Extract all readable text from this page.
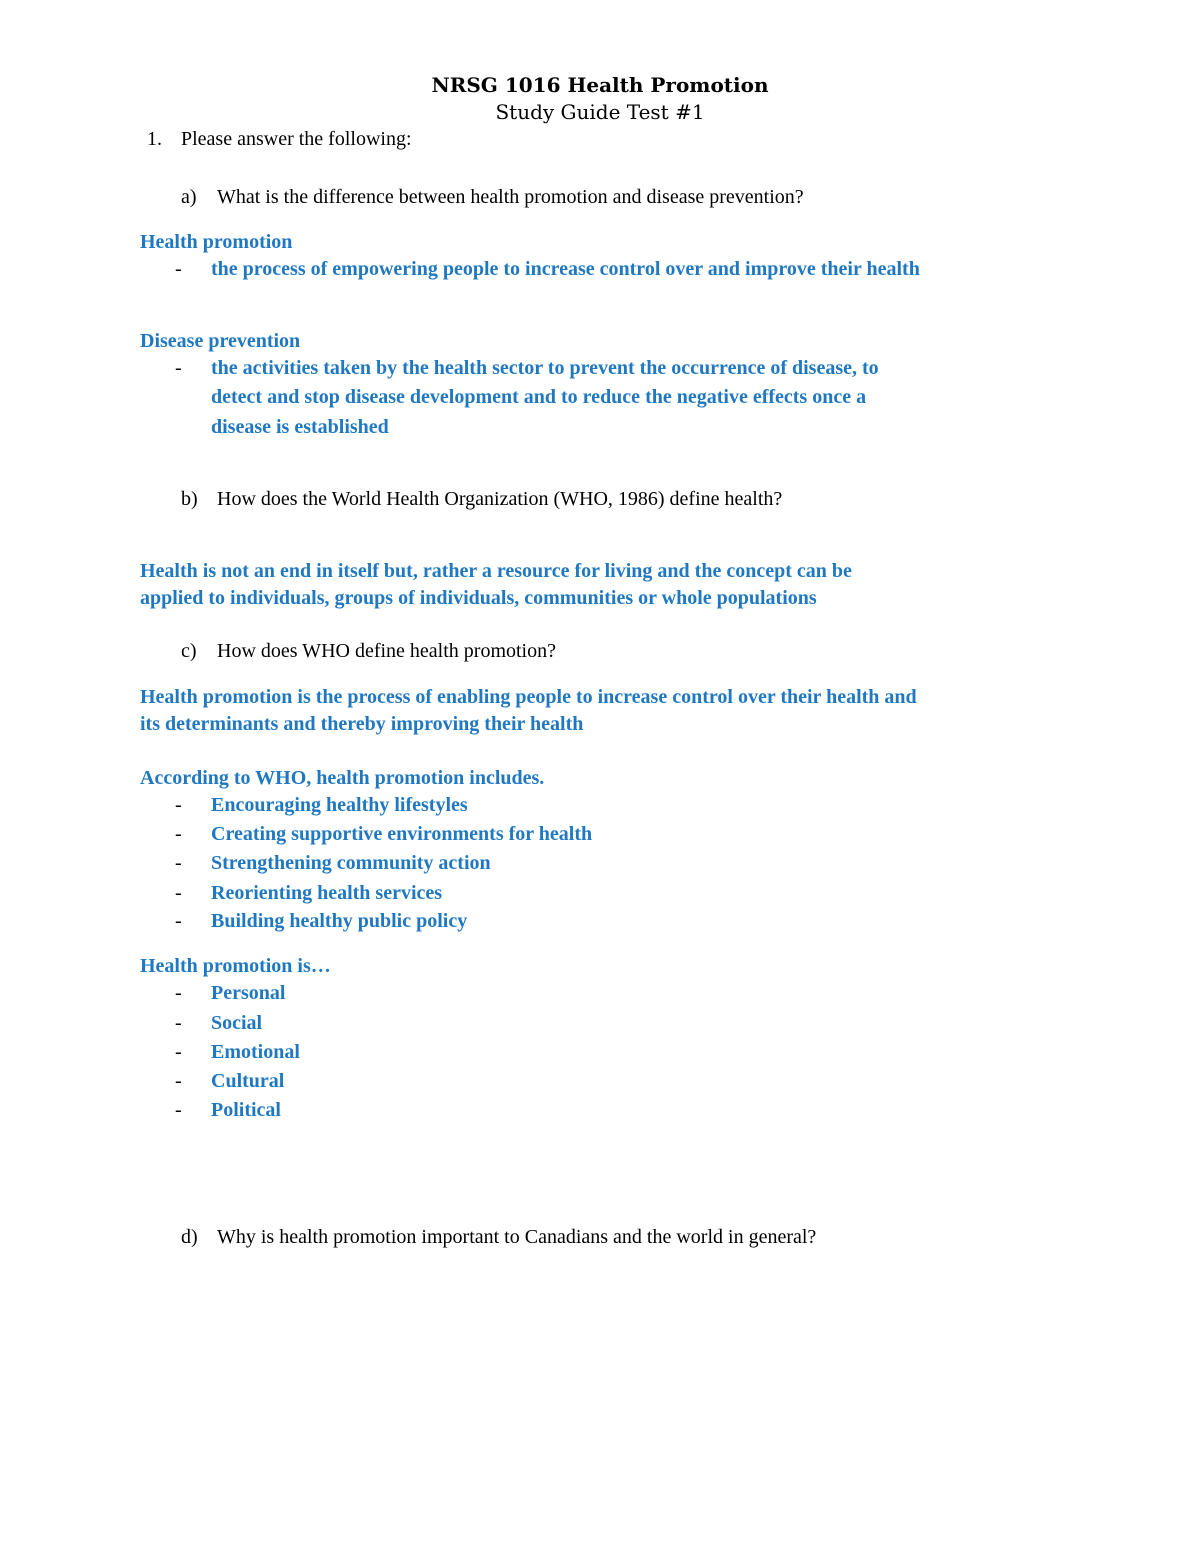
NRSG 1016 Health Promotion
Study Guide Test #1
1. Please answer the following:
a) What is the difference between health promotion and disease prevention?
Health promotion
- the process of empowering people to increase control over and improve their health
Disease prevention
- the activities taken by the health sector to prevent the occurrence of disease, to
detect and stop disease development and to reduce the negative effects once a
disease is established
b) How does the World Health Organization (WHO, 1986) define health?
Health is not an end in itself but, rather a resource for living and the concept can be
applied to individuals, groups of individuals, communities or whole populations
c) How does WHO define health promotion?
Health promotion is the process of enabling people to increase control over their health and
its determinants and thereby improving their health
According to WHO, health promotion includes.
- Encouraging healthy lifestyles
- Creating supportive environments for health
- Strengthening community action
- Reorienting health services
- Building healthy public policy
Health promotion is…
- Personal
- Social
- Emotional
- Cultural
- Political
d) Why is health promotion important to Canadians and the world in general?
